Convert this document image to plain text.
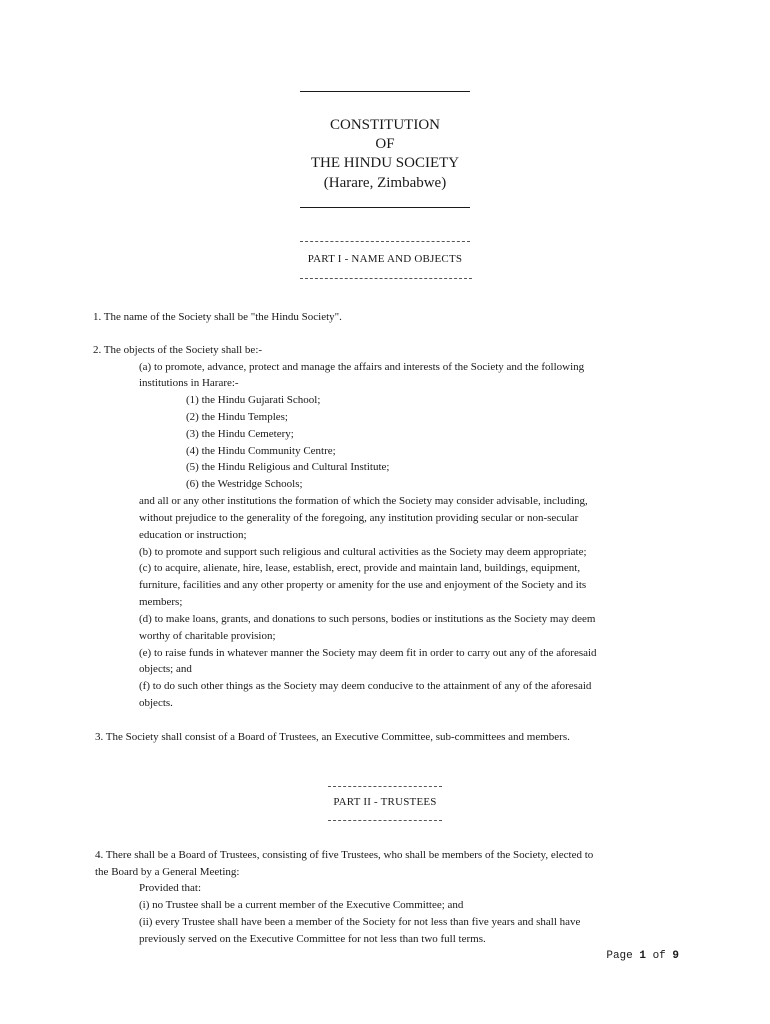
CONSTITUTION
OF
THE HINDU SOCIETY
(Harare, Zimbabwe)
PART I - NAME AND OBJECTS
1. The name of the Society shall be "the Hindu Society".
2. The objects of the Society shall be:-
(a) to promote, advance, protect and manage the affairs and interests of the Society and the following
institutions in Harare:-
(1) the Hindu Gujarati School;
(2) the Hindu Temples;
(3) the Hindu Cemetery;
(4) the Hindu Community Centre;
(5) the Hindu Religious and Cultural Institute;
(6) the Westridge Schools;
and all or any other institutions the formation of which the Society may consider advisable, including,
without prejudice to the generality of the foregoing, any institution providing secular or non-secular
education or instruction;
(b) to promote and support such religious and cultural activities as the Society may deem appropriate;
(c) to acquire, alienate, hire, lease, establish, erect, provide and maintain land, buildings, equipment,
furniture, facilities and any other property or amenity for the use and enjoyment of the Society and its
members;
(d) to make loans, grants, and donations to such persons, bodies or institutions as the Society may deem
worthy of charitable provision;
(e) to raise funds in whatever manner the Society may deem fit in order to carry out any of the aforesaid
objects; and
(f) to do such other things as the Society may deem conducive to the attainment of any of the aforesaid
objects.
3. The Society shall consist of a Board of Trustees, an Executive Committee, sub-committees and members.
PART II - TRUSTEES
4. There shall be a Board of Trustees, consisting of five Trustees, who shall be members of the Society, elected to
the Board by a General Meeting:
Provided that:
(i) no Trustee shall be a current member of the Executive Committee; and
(ii) every Trustee shall have been a member of the Society for not less than five years and shall have
previously served on the Executive Committee for not less than two full terms.
Page 1 of 9
